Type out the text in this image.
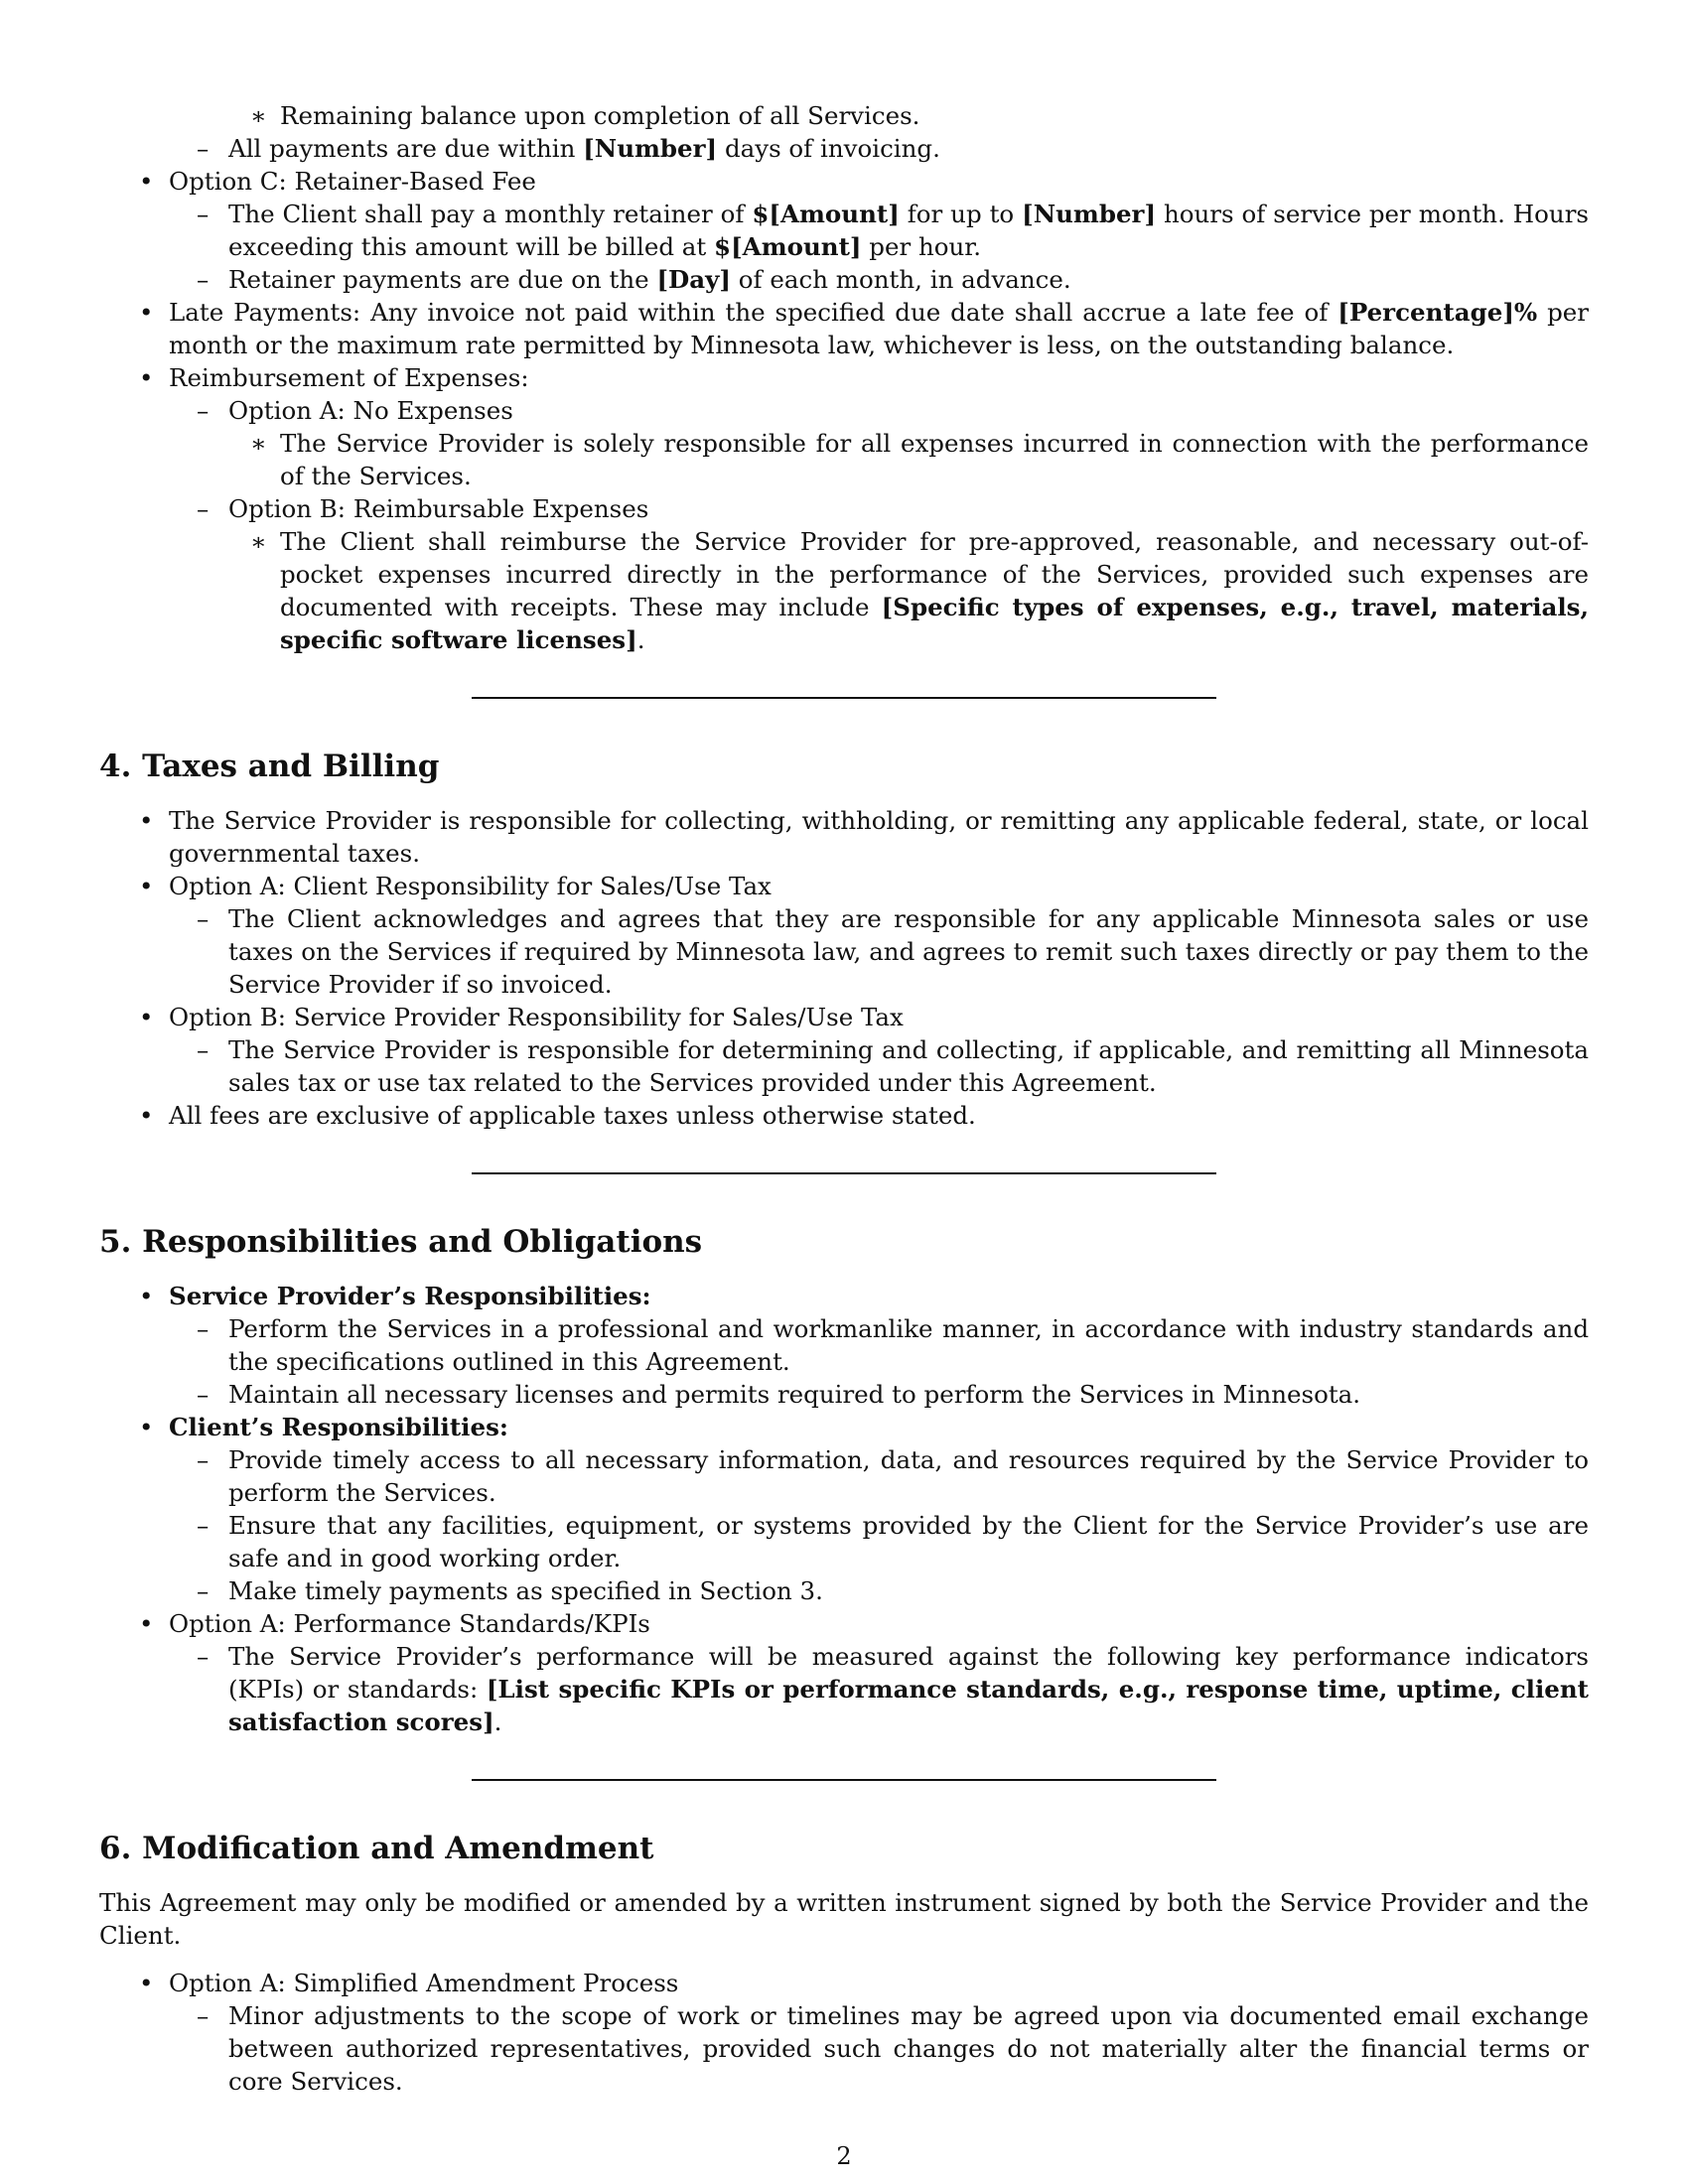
∗ Remaining balance upon completion of all Services.
– All payments are due within [Number] days of invoicing.
• Option C: Retainer-Based Fee
– The Client shall pay a monthly retainer of $[Amount] for up to [Number] hours of service per month. Hours exceeding this amount will be billed at $[Amount] per hour.
– Retainer payments are due on the [Day] of each month, in advance.
• Late Payments: Any invoice not paid within the specified due date shall accrue a late fee of [Percentage]% per month or the maximum rate permitted by Minnesota law, whichever is less, on the outstanding balance.
• Reimbursement of Expenses:
– Option A: No Expenses
∗ The Service Provider is solely responsible for all expenses incurred in connection with the performance of the Services.
– Option B: Reimbursable Expenses
∗ The Client shall reimburse the Service Provider for pre-approved, reasonable, and necessary out-of-pocket expenses incurred directly in the performance of the Services, provided such expenses are documented with receipts. These may include [Specific types of expenses, e.g., travel, materials, specific software licenses].
4. Taxes and Billing
• The Service Provider is responsible for collecting, withholding, or remitting any applicable federal, state, or local governmental taxes.
• Option A: Client Responsibility for Sales/Use Tax
– The Client acknowledges and agrees that they are responsible for any applicable Minnesota sales or use taxes on the Services if required by Minnesota law, and agrees to remit such taxes directly or pay them to the Service Provider if so invoiced.
• Option B: Service Provider Responsibility for Sales/Use Tax
– The Service Provider is responsible for determining and collecting, if applicable, and remitting all Minnesota sales tax or use tax related to the Services provided under this Agreement.
• All fees are exclusive of applicable taxes unless otherwise stated.
5. Responsibilities and Obligations
• Service Provider’s Responsibilities:
– Perform the Services in a professional and workmanlike manner, in accordance with industry standards and the specifications outlined in this Agreement.
– Maintain all necessary licenses and permits required to perform the Services in Minnesota.
• Client’s Responsibilities:
– Provide timely access to all necessary information, data, and resources required by the Service Provider to perform the Services.
– Ensure that any facilities, equipment, or systems provided by the Client for the Service Provider’s use are safe and in good working order.
– Make timely payments as specified in Section 3.
• Option A: Performance Standards/KPIs
– The Service Provider’s performance will be measured against the following key performance indicators (KPIs) or standards: [List specific KPIs or performance standards, e.g., response time, uptime, client satisfaction scores].
6. Modification and Amendment

This Agreement may only be modified or amended by a written instrument signed by both the Service Provider and the Client.

• Option A: Simplified Amendment Process
– Minor adjustments to the scope of work or timelines may be agreed upon via documented email exchange between authorized representatives, provided such changes do not materially alter the financial terms or core Services.
2
